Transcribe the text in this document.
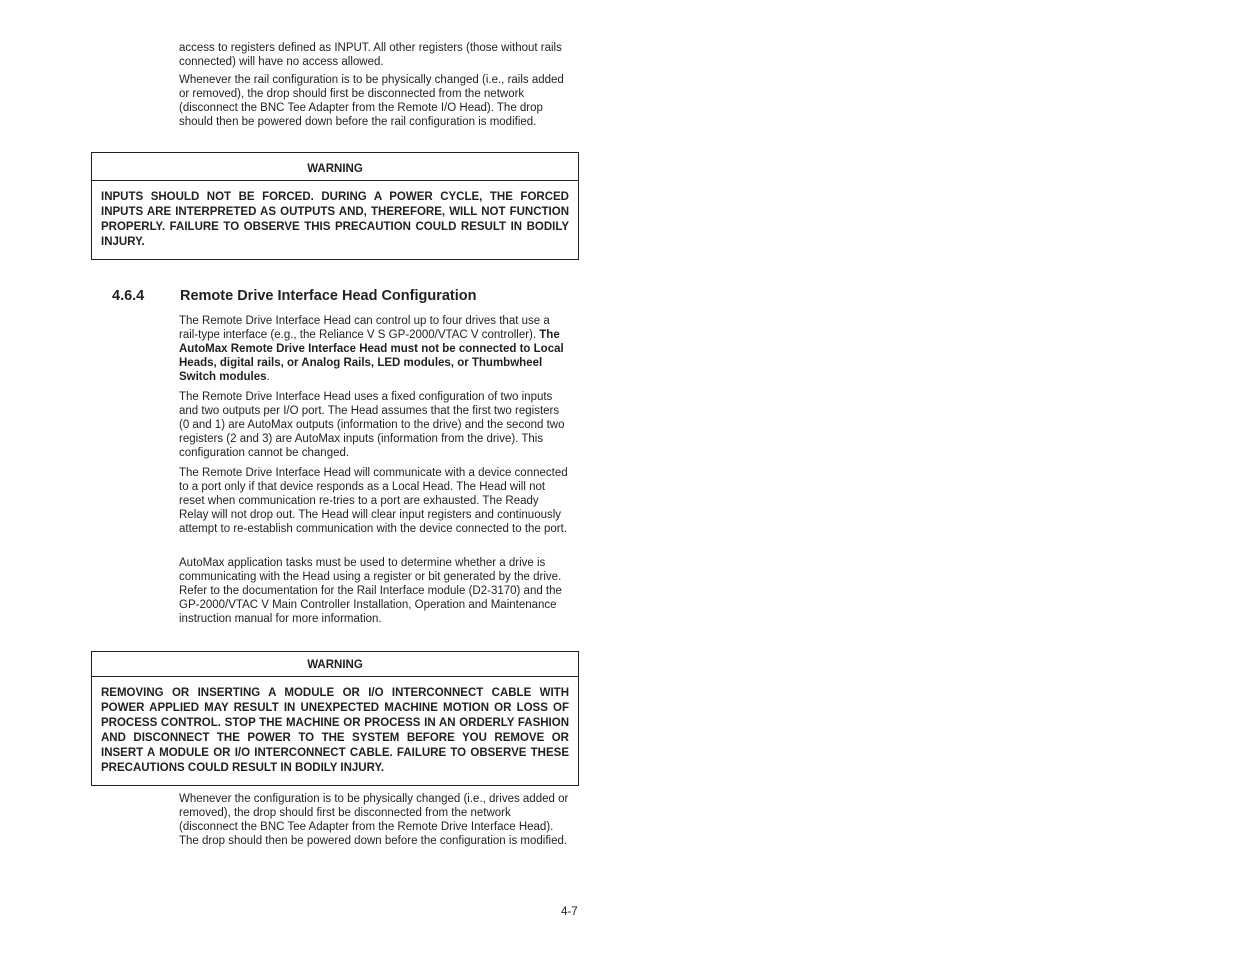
access to registers defined as INPUT. All other registers (those without rails connected) will have no access allowed.

Whenever the rail configuration is to be physically changed (i.e., rails added or removed), the drop should first be disconnected from the network (disconnect the BNC Tee Adapter from the Remote I/O Head). The drop should then be powered down before the rail configuration is modified.

WARNING
INPUTS SHOULD NOT BE FORCED. DURING A POWER CYCLE, THE FORCED INPUTS ARE INTERPRETED AS OUTPUTS AND, THEREFORE, WILL NOT FUNCTION PROPERLY. FAILURE TO OBSERVE THIS PRECAUTION COULD RESULT IN BODILY INJURY.
4.6.4 Remote Drive Interface Head Configuration

The Remote Drive Interface Head can control up to four drives that use a rail-type interface (e.g., the Reliance V S GP-2000/VTAC V controller). The AutoMax Remote Drive Interface Head must not be connected to Local Heads, digital rails, or Analog Rails, LED modules, or Thumbwheel Switch modules.

The Remote Drive Interface Head uses a fixed configuration of two inputs and two outputs per I/O port. The Head assumes that the first two registers (0 and 1) are AutoMax outputs (information to the drive) and the second two registers (2 and 3) are AutoMax inputs (information from the drive). This configuration cannot be changed.

The Remote Drive Interface Head will communicate with a device connected to a port only if that device responds as a Local Head. The Head will not reset when communication re-tries to a port are exhausted. The Ready Relay will not drop out. The Head will clear input registers and continuously attempt to re-establish communication with the device connected to the port.

AutoMax application tasks must be used to determine whether a drive is communicating with the Head using a register or bit generated by the drive. Refer to the documentation for the Rail Interface module (D2-3170) and the GP-2000/VTAC V Main Controller Installation, Operation and Maintenance instruction manual for more information.

WARNING
REMOVING OR INSERTING A MODULE OR I/O INTERCONNECT CABLE WITH POWER APPLIED MAY RESULT IN UNEXPECTED MACHINE MOTION OR LOSS OF PROCESS CONTROL. STOP THE MACHINE OR PROCESS IN AN ORDERLY FASHION AND DISCONNECT THE POWER TO THE SYSTEM BEFORE YOU REMOVE OR INSERT A MODULE OR I/O INTERCONNECT CABLE. FAILURE TO OBSERVE THESE PRECAUTIONS COULD RESULT IN BODILY INJURY.

Whenever the configuration is to be physically changed (i.e., drives added or removed), the drop should first be disconnected from the network (disconnect the BNC Tee Adapter from the Remote Drive Interface Head). The drop should then be powered down before the configuration is modified.

4-7
